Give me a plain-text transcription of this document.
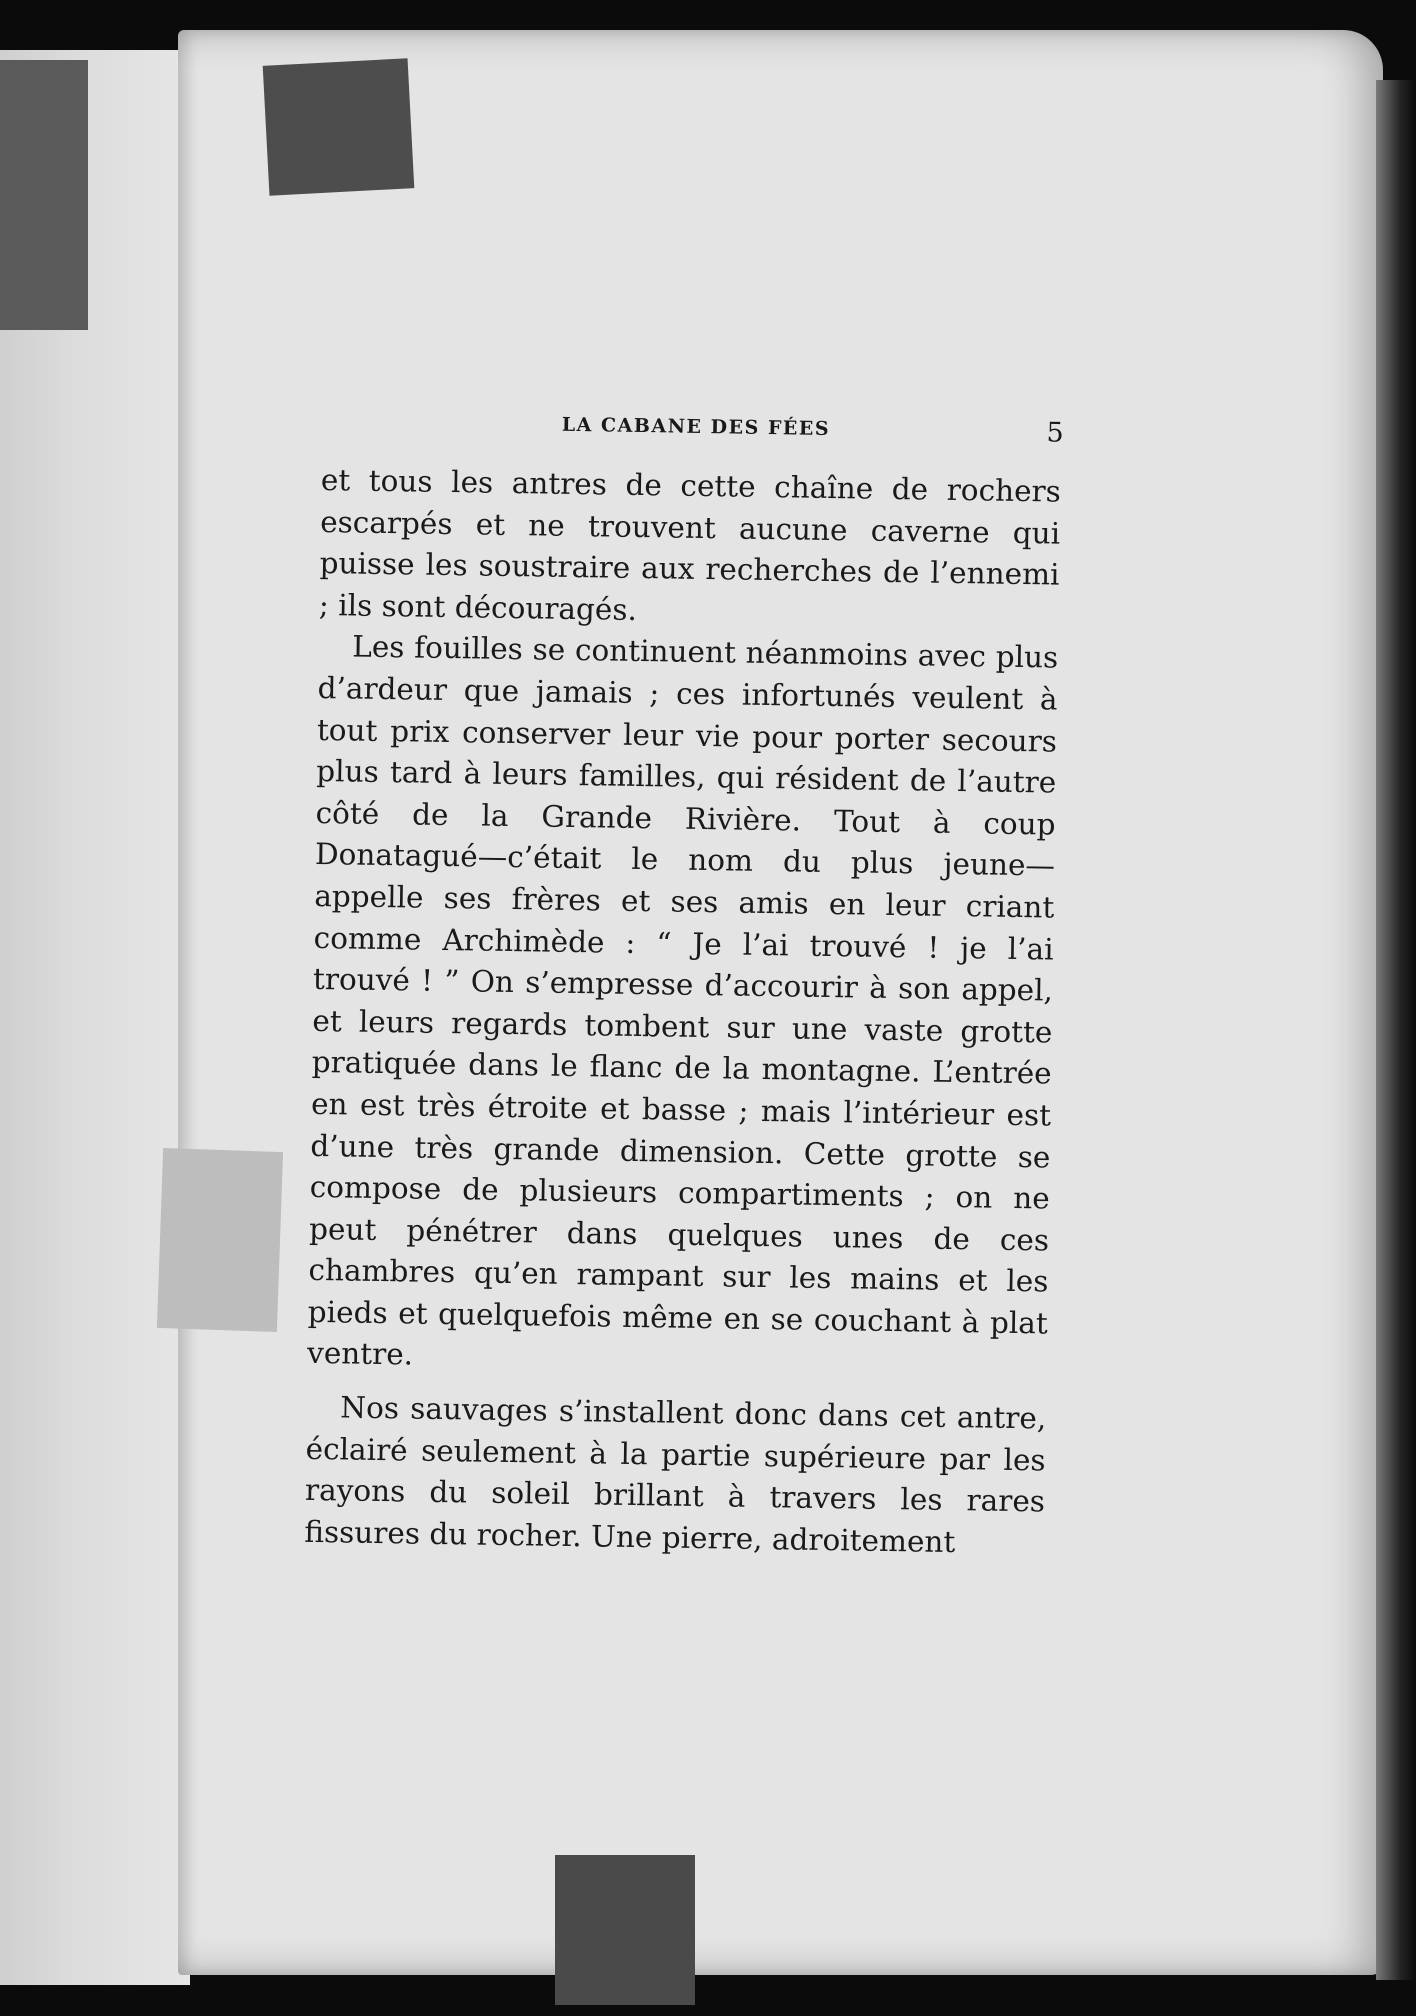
LA CABANE DES FÉES	5

et tous les antres de cette chaîne de rochers escarpés et ne trouvent aucune caverne qui puisse les soustraire aux recherches de l’ennemi ; ils sont découragés.

Les fouilles se continuent néanmoins avec plus d’ardeur que jamais ; ces infortunés veulent à tout prix conserver leur vie pour porter secours plus tard à leurs familles, qui résident de l’autre côté de la Grande Rivière. Tout à coup Donatagué—c’était le nom du plus jeune—appelle ses frères et ses amis en leur criant comme Archimède : “ Je l’ai trouvé ! je l’ai trouvé ! ” On s’empresse d’accourir à son appel, et leurs regards tombent sur une vaste grotte pratiquée dans le flanc de la montagne. L’entrée en est très étroite et basse ; mais l’intérieur est d’une très grande dimension. Cette grotte se compose de plusieurs compartiments ; on ne peut pénétrer dans quelques unes de ces chambres qu’en rampant sur les mains et les pieds et quelquefois même en se couchant à plat ventre.

Nos sauvages s’installent donc dans cet antre, éclairé seulement à la partie supérieure par les rayons du soleil brillant à travers les rares fissures du rocher. Une pierre, adroitement
